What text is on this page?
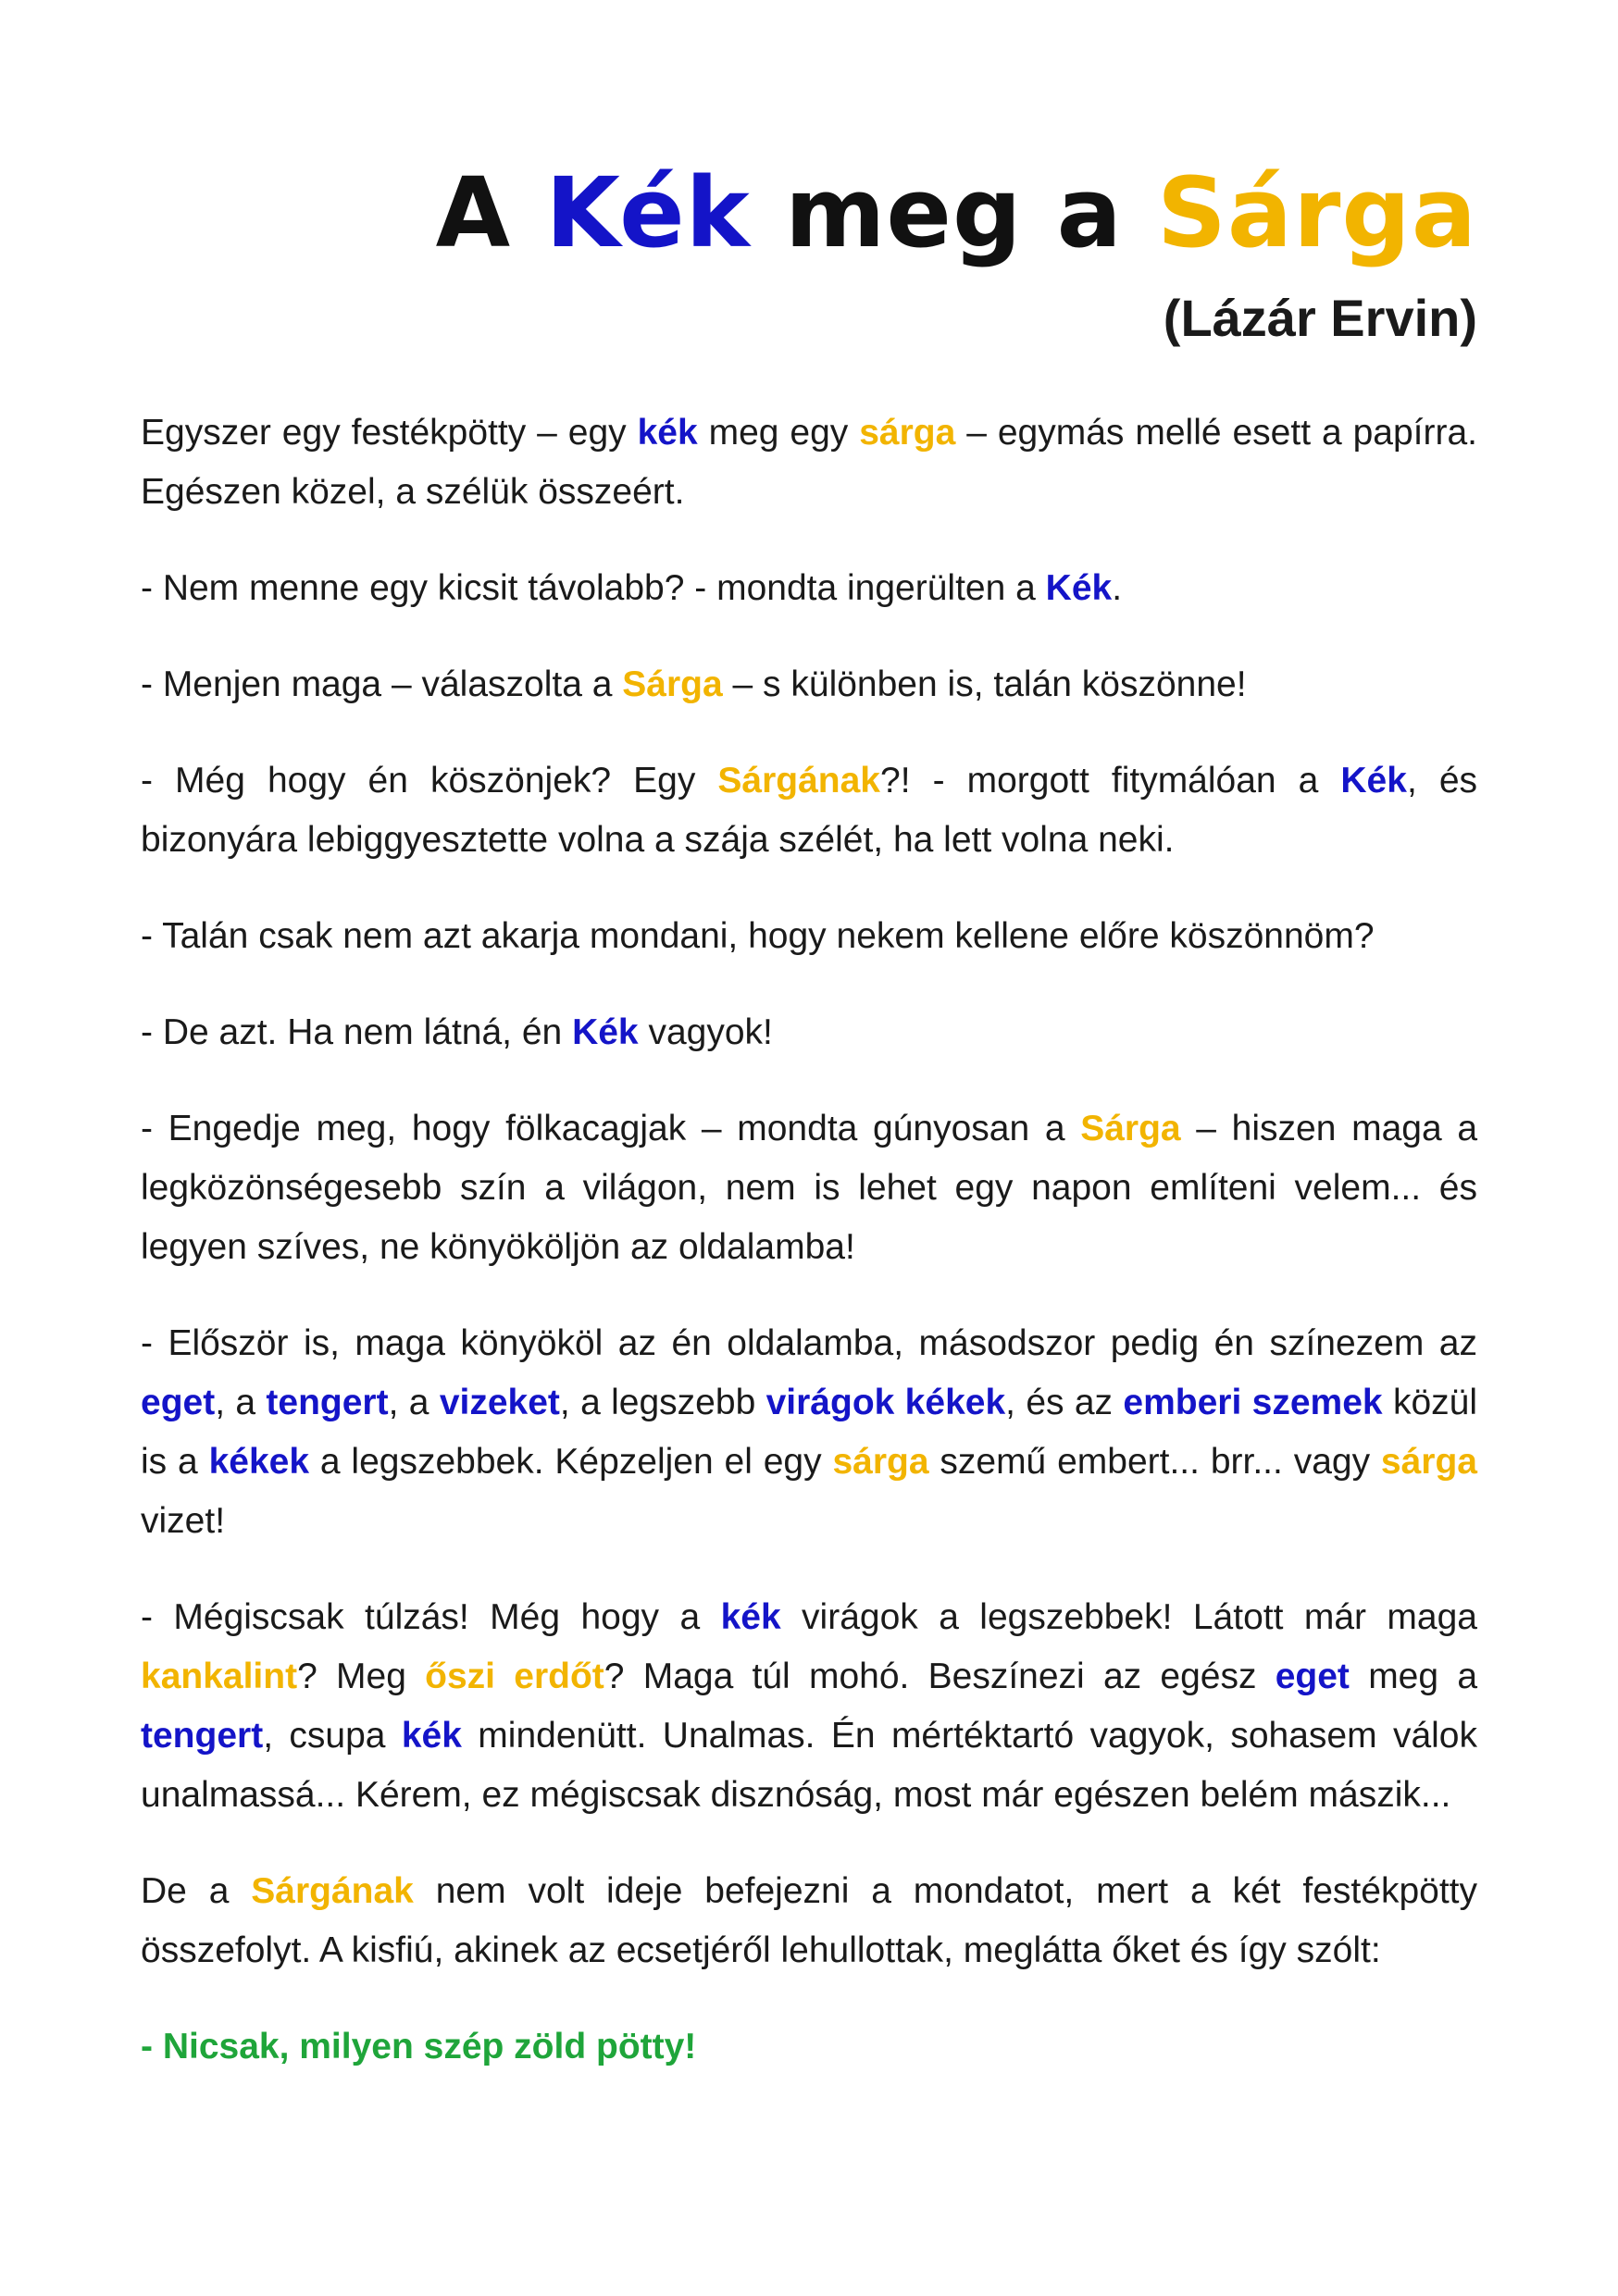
A Kék meg a Sárga
(Lázár Ervin)

Egyszer egy festékpötty – egy kék meg egy sárga – egymás mellé esett a papírra. Egészen közel, a szélük összeért.

- Nem menne egy kicsit távolabb? - mondta ingerülten a Kék.

- Menjen maga – válaszolta a Sárga – s különben is, talán köszönne!

- Még hogy én köszönjek? Egy Sárgának?! - morgott fitymálóan a Kék, és bizonyára lebiggyesztette volna a szája szélét, ha lett volna neki.

- Talán csak nem azt akarja mondani, hogy nekem kellene előre köszönnöm?

- De azt. Ha nem látná, én Kék vagyok!

- Engedje meg, hogy fölkacagjak – mondta gúnyosan a Sárga – hiszen maga a legközönségesebb szín a világon, nem is lehet egy napon említeni velem... és legyen szíves, ne könyököljön az oldalamba!

- Először is, maga könyököl az én oldalamba, másodszor pedig én színezem az eget, a tengert, a vizeket, a legszebb virágok kékek, és az emberi szemek közül is a kékek a legszebbek. Képzeljen el egy sárga szemű embert... brr... vagy sárga vizet!

- Mégiscsak túlzás! Még hogy a kék virágok a legszebbek! Látott már maga kankalint? Meg őszi erdőt? Maga túl mohó. Beszínezi az egész eget meg a tengert, csupa kék mindenütt. Unalmas. Én mértéktartó vagyok, sohasem válok unalmassá... Kérem, ez mégiscsak disznóság, most már egészen belém mászik...

De a Sárgának nem volt ideje befejezni a mondatot, mert a két festékpötty összefolyt. A kisfiú, akinek az ecsetjéről lehullottak, meglátta őket és így szólt:

- Nicsak, milyen szép zöld pötty!
